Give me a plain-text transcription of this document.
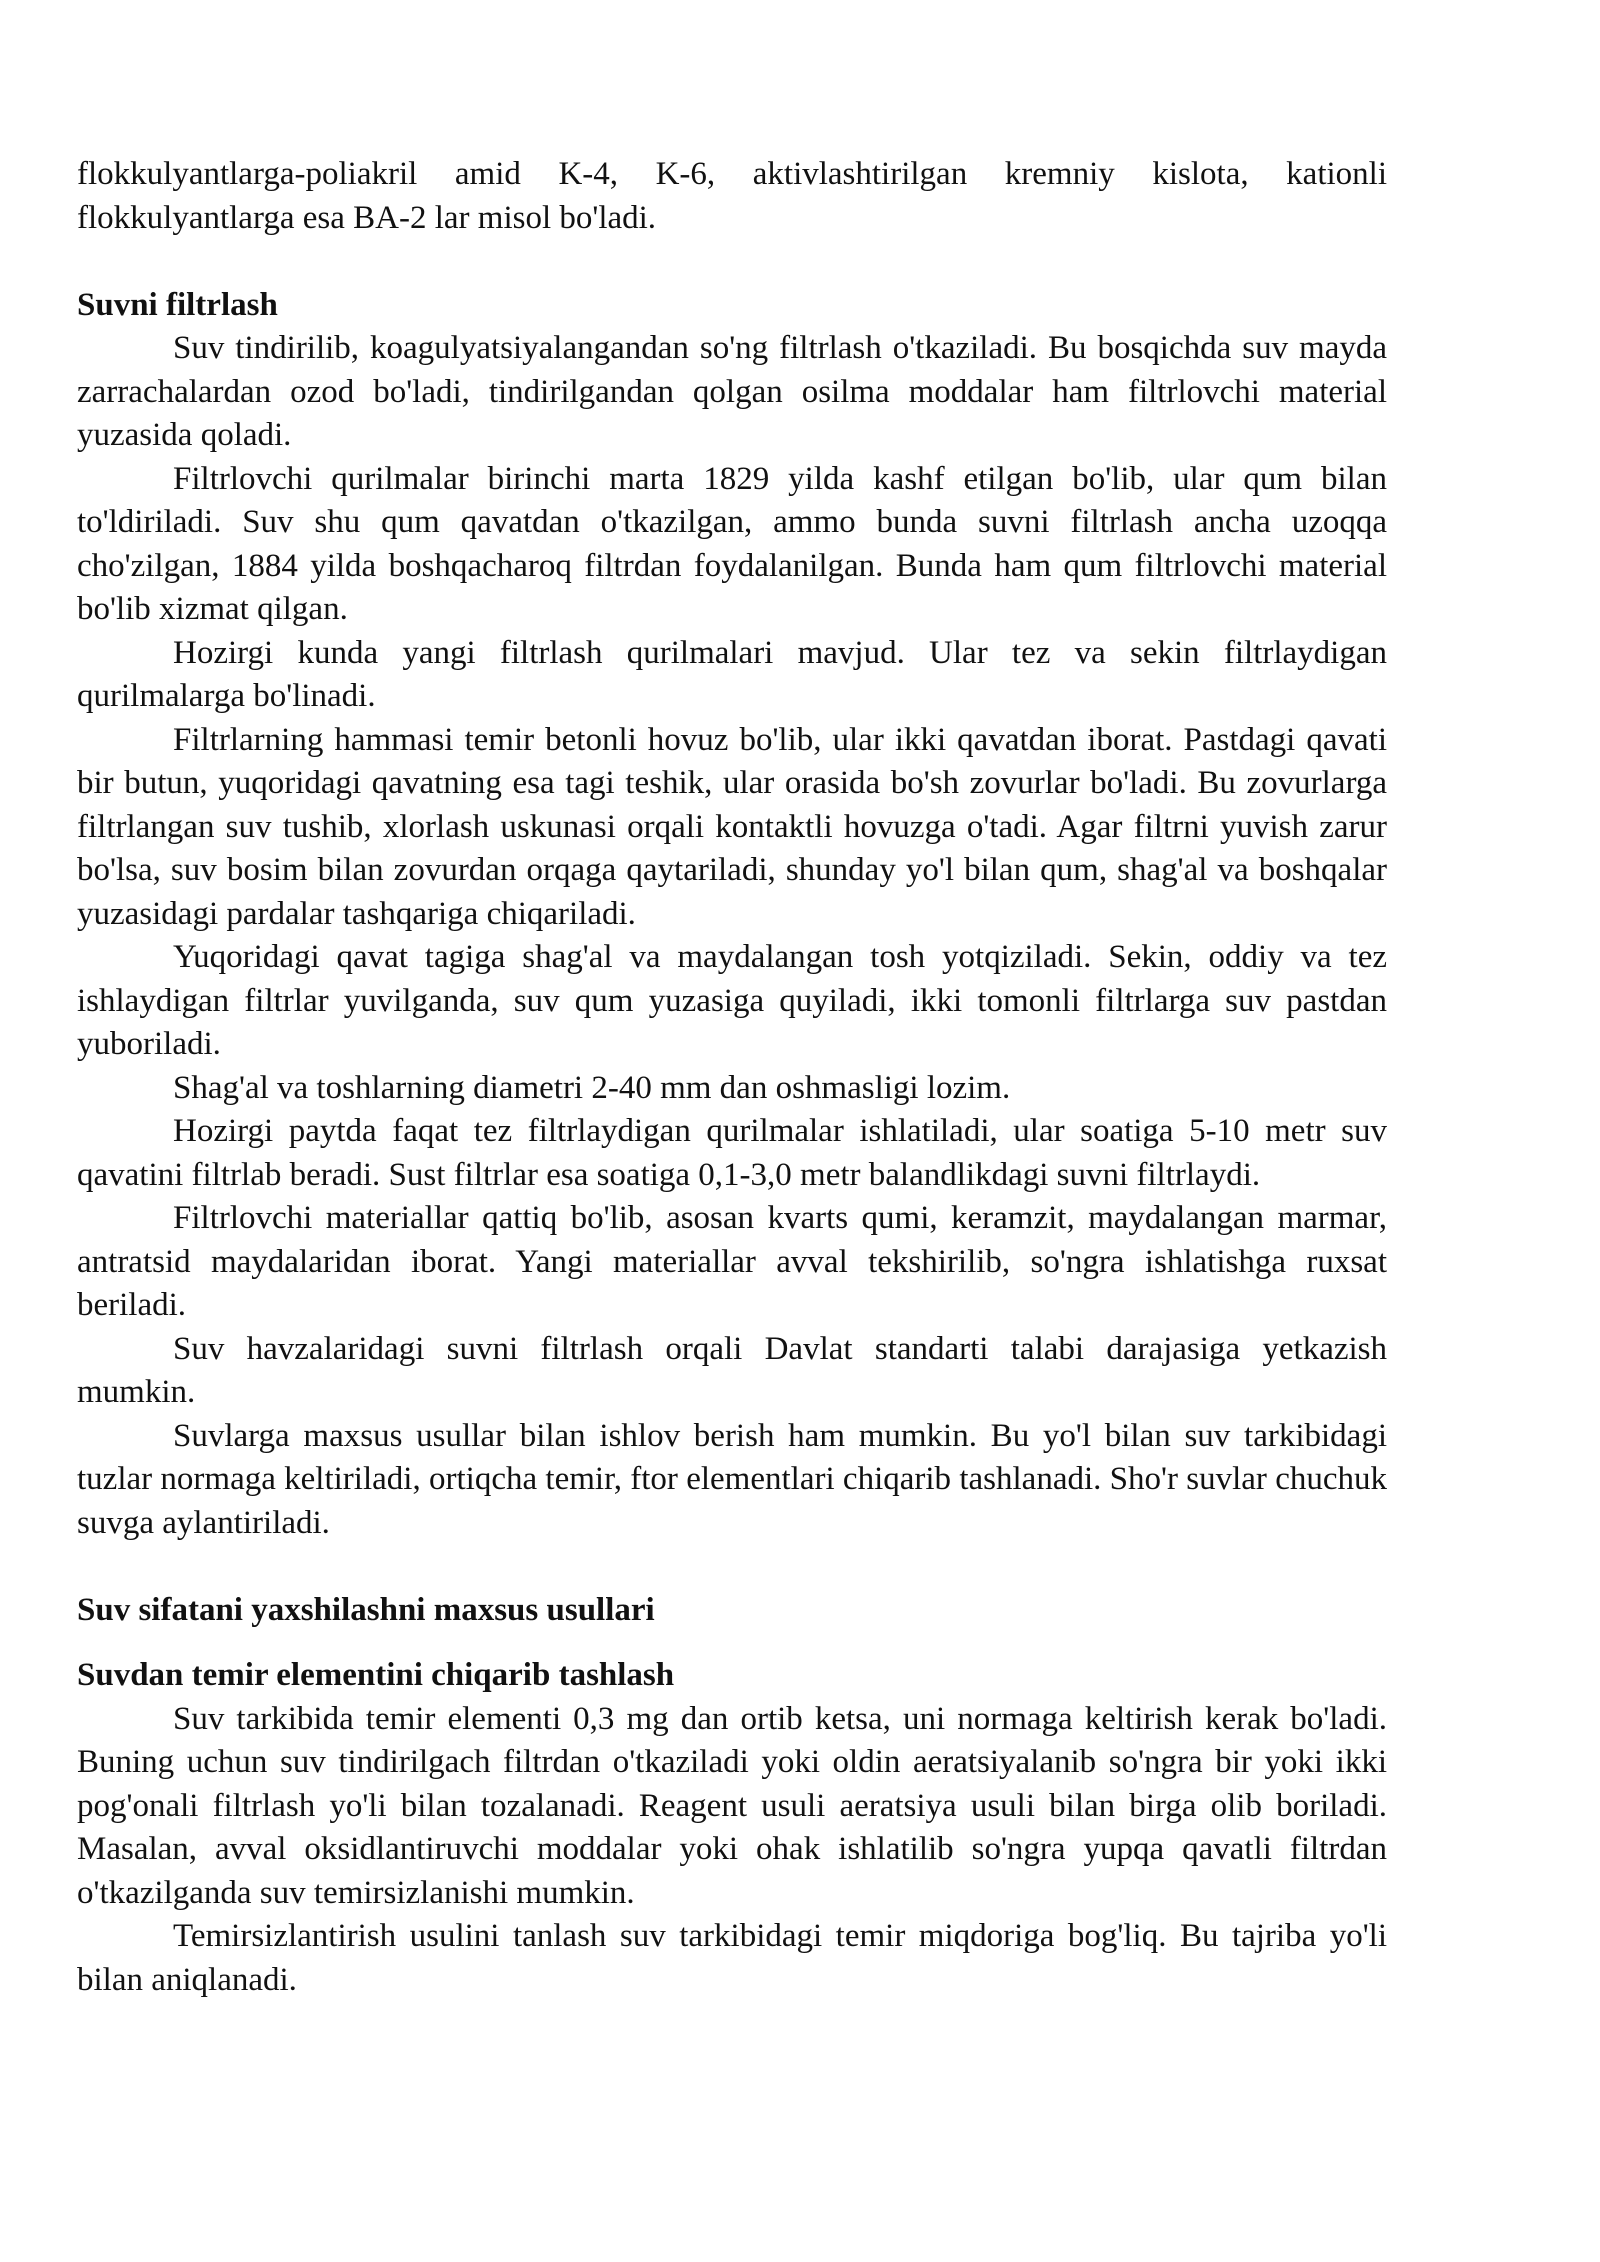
flokkulyantlarga-poliakril amid K-4, K-6, aktivlashtirilgan kremniy kislota, kationli flokkulyantlarga esa BA-2 lar misol bo'ladi.

Suvni filtrlash

Suv tindirilib, koagulyatsiyalangandan so'ng filtrlash o'tkaziladi. Bu bosqichda suv mayda zarrachalardan ozod bo'ladi, tindirilgandan qolgan osilma moddalar ham filtrlovchi material yuzasida qoladi.

Filtrlovchi qurilmalar birinchi marta 1829 yilda kashf etilgan bo'lib, ular qum bilan to'ldiriladi. Suv shu qum qavatdan o'tkazilgan, ammo bunda suvni filtrlash ancha uzoqqa cho'zilgan, 1884 yilda boshqacharoq filtrdan foydalanilgan. Bunda ham qum filtrlovchi material bo'lib xizmat qilgan.

Hozirgi kunda yangi filtrlash qurilmalari mavjud. Ular tez va sekin filtrlaydigan qurilmalarga bo'linadi.

Filtrlarning hammasi temir betonli hovuz bo'lib, ular ikki qavatdan iborat. Pastdagi qavati bir butun, yuqoridagi qavatning esa tagi teshik, ular orasida bo'sh zovurlar bo'ladi. Bu zovurlarga filtrlangan suv tushib, xlorlash uskunasi orqali kontaktli hovuzga o'tadi. Agar filtrni yuvish zarur bo'lsa, suv bosim bilan zovurdan orqaga qaytariladi, shunday yo'l bilan qum, shag'al va boshqalar yuzasidagi pardalar tashqariga chiqariladi.

Yuqoridagi qavat tagiga shag'al va maydalangan tosh yotqiziladi. Sekin, oddiy va tez ishlaydigan filtrlar yuvilganda, suv qum yuzasiga quyiladi, ikki tomonli filtrlarga suv pastdan yuboriladi.

Shag'al va toshlarning diametri 2-40 mm dan oshmasligi lozim.

Hozirgi paytda faqat tez filtrlaydigan qurilmalar ishlatiladi, ular soatiga 5-10 metr suv qavatini filtrlab beradi. Sust filtrlar esa soatiga 0,1-3,0 metr balandlikdagi suvni filtrlaydi.

Filtrlovchi materiallar qattiq bo'lib, asosan kvarts qumi, keramzit, maydalangan marmar, antratsid maydalaridan iborat. Yangi materiallar avval tekshirilib, so'ngra ishlatishga ruxsat beriladi.

Suv havzalaridagi suvni filtrlash orqali Davlat standarti talabi darajasiga yetkazish mumkin.

Suvlarga maxsus usullar bilan ishlov berish ham mumkin. Bu yo'l bilan suv tarkibidagi tuzlar normaga keltiriladi, ortiqcha temir, ftor elementlari chiqarib tashlanadi. Sho'r suvlar chuchuk suvga aylantiriladi.

Suv sifatani yaxshilashni maxsus usullari
Suvdan temir elementini chiqarib tashlash

Suv tarkibida temir elementi 0,3 mg dan ortib ketsa, uni normaga keltirish kerak bo'ladi. Buning uchun suv tindirilgach filtrdan o'tkaziladi yoki oldin aeratsiyalanib so'ngra bir yoki ikki pog'onali filtrlash yo'li bilan tozalanadi. Reagent usuli aeratsiya usuli bilan birga olib boriladi. Masalan, avval oksidlantiruvchi moddalar yoki ohak ishlatilib so'ngra yupqa qavatli filtrdan o'tkazilganda suv temirsizlanishi mumkin.

Temirsizlantirish usulini tanlash suv tarkibidagi temir miqdoriga bog'liq. Bu tajriba yo'li bilan aniqlanadi.
